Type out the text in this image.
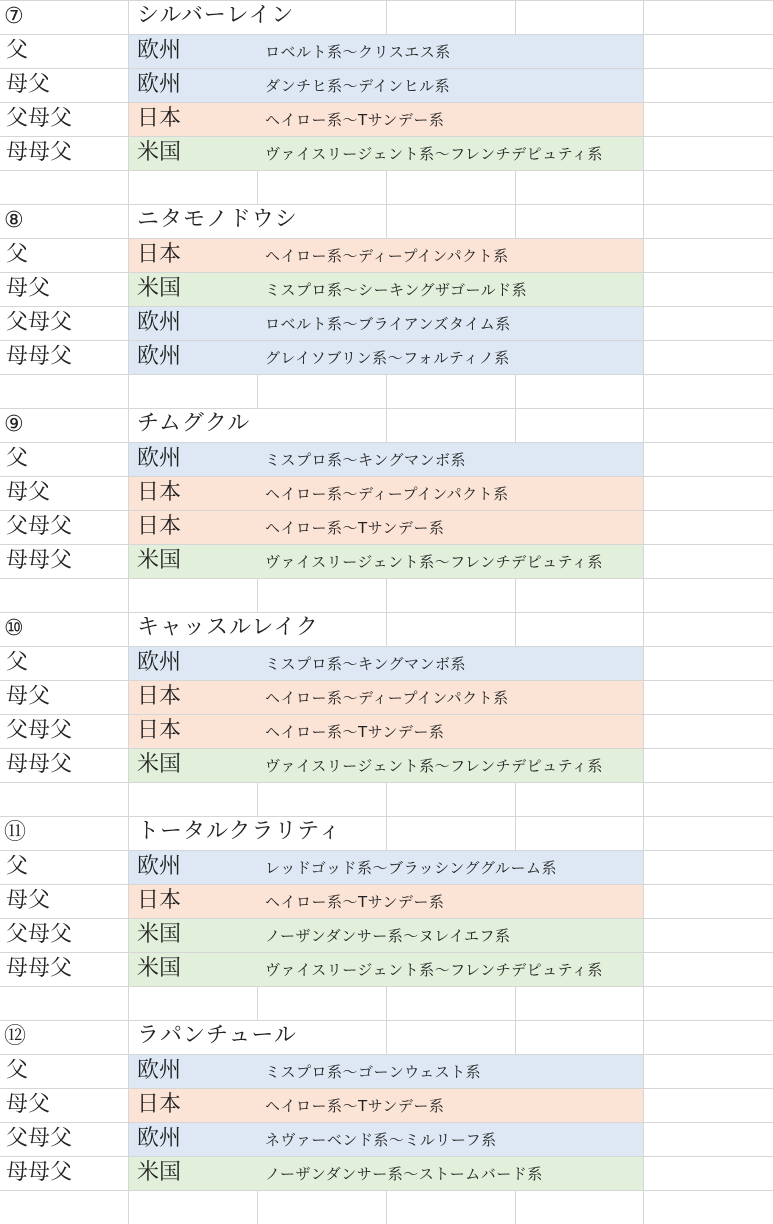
⑦	シルバーレイン
父	欧州	ロベルト系～クリスエス系
母父	欧州	ダンチヒ系～デインヒル系
父母父	日本	ヘイロー系～Tサンデー系
母母父	米国	ヴァイスリージェント系～フレンチデピュティ系
⑧	ニタモノドウシ
父	日本	ヘイロー系～ディープインパクト系
母父	米国	ミスプロ系～シーキングザゴールド系
父母父	欧州	ロベルト系～ブライアンズタイム系
母母父	欧州	グレイソブリン系～フォルティノ系
⑨	チムグクル
父	欧州	ミスプロ系～キングマンボ系
母父	日本	ヘイロー系～ディープインパクト系
父母父	日本	ヘイロー系～Tサンデー系
母母父	米国	ヴァイスリージェント系～フレンチデピュティ系
⑩	キャッスルレイク
父	欧州	ミスプロ系～キングマンボ系
母父	日本	ヘイロー系～ディープインパクト系
父母父	日本	ヘイロー系～Tサンデー系
母母父	米国	ヴァイスリージェント系～フレンチデピュティ系
⑪	トータルクラリティ
父	欧州	レッドゴッド系～ブラッシンググルーム系
母父	日本	ヘイロー系～Tサンデー系
父母父	米国	ノーザンダンサー系～ヌレイエフ系
母母父	米国	ヴァイスリージェント系～フレンチデピュティ系
⑫	ラパンチュール
父	欧州	ミスプロ系～ゴーンウェスト系
母父	日本	ヘイロー系～Tサンデー系
父母父	欧州	ネヴァーベンド系～ミルリーフ系
母母父	米国	ノーザンダンサー系～ストームバード系
